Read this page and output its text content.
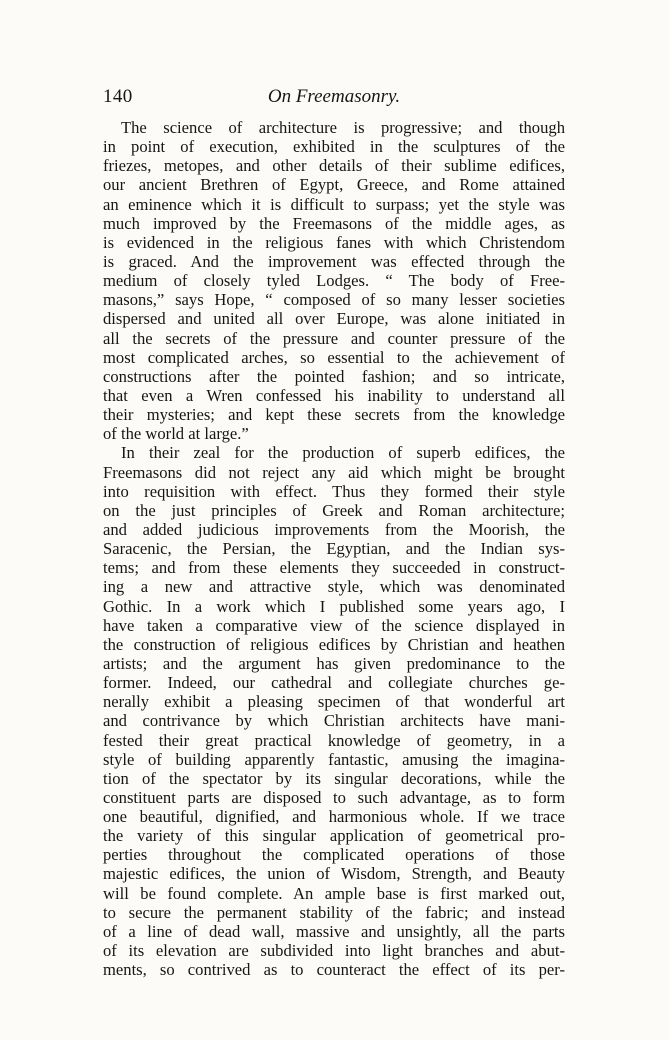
140	On Freemasonry.
The science of architecture is progressive; and though
in point of execution, exhibited in the sculptures of the
friezes, metopes, and other details of their sublime edifices,
our ancient Brethren of Egypt, Greece, and Rome attained
an eminence which it is difficult to surpass; yet the style was
much improved by the Freemasons of the middle ages, as
is evidenced in the religious fanes with which Christendom
is graced. And the improvement was effected through the
medium of closely tyled Lodges. “ The body of Free-
masons,” says Hope, “ composed of so many lesser societies
dispersed and united all over Europe, was alone initiated in
all the secrets of the pressure and counter pressure of the
most complicated arches, so essential to the achievement of
constructions after the pointed fashion; and so intricate,
that even a Wren confessed his inability to understand all
their mysteries; and kept these secrets from the knowledge
of the world at large.”
In their zeal for the production of superb edifices, the
Freemasons did not reject any aid which might be brought
into requisition with effect. Thus they formed their style
on the just principles of Greek and Roman architecture;
and added judicious improvements from the Moorish, the
Saracenic, the Persian, the Egyptian, and the Indian sys-
tems; and from these elements they succeeded in construct-
ing a new and attractive style, which was denominated
Gothic. In a work which I published some years ago, I
have taken a comparative view of the science displayed in
the construction of religious edifices by Christian and heathen
artists; and the argument has given predominance to the
former. Indeed, our cathedral and collegiate churches ge-
nerally exhibit a pleasing specimen of that wonderful art
and contrivance by which Christian architects have mani-
fested their great practical knowledge of geometry, in a
style of building apparently fantastic, amusing the imagina-
tion of the spectator by its singular decorations, while the
constituent parts are disposed to such advantage, as to form
one beautiful, dignified, and harmonious whole. If we trace
the variety of this singular application of geometrical pro-
perties throughout the complicated operations of those
majestic edifices, the union of Wisdom, Strength, and Beauty
will be found complete. An ample base is first marked out,
to secure the permanent stability of the fabric; and instead
of a line of dead wall, massive and unsightly, all the parts
of its elevation are subdivided into light branches and abut-
ments, so contrived as to counteract the effect of its per-
